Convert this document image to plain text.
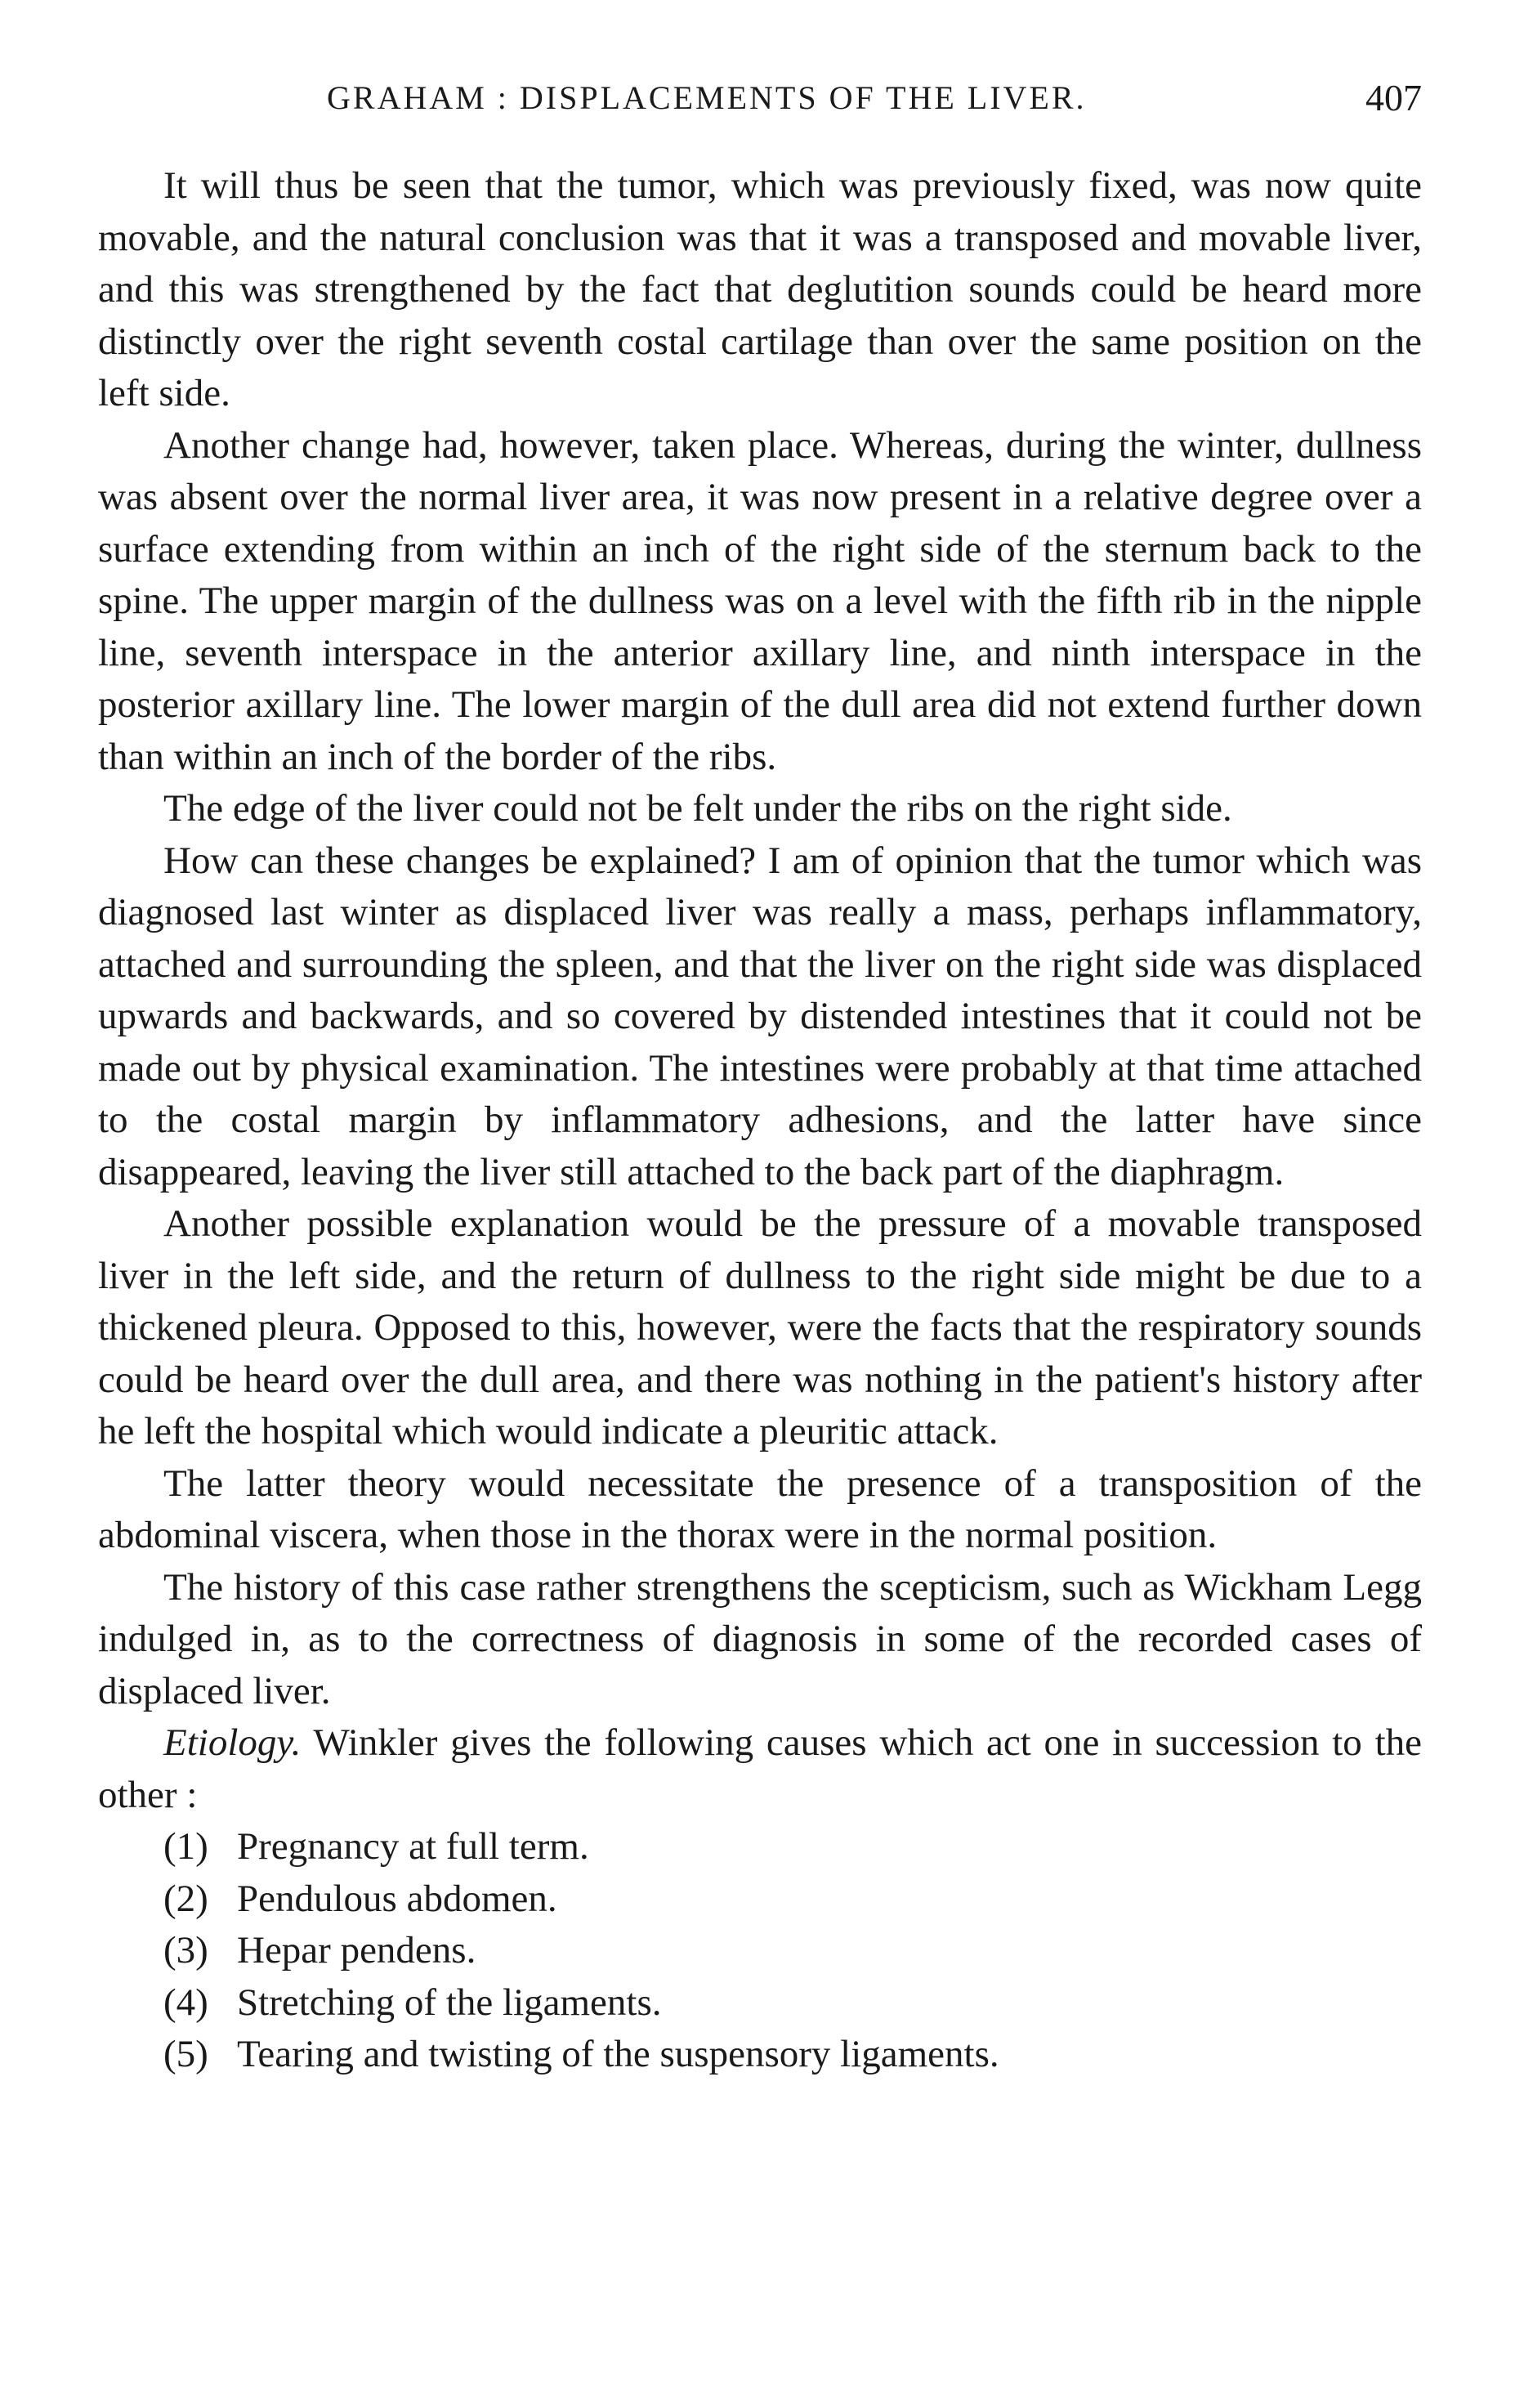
GRAHAM : DISPLACEMENTS OF THE LIVER.	407

It will thus be seen that the tumor, which was previously fixed, was now quite movable, and the natural conclusion was that it was a transposed and movable liver, and this was strengthened by the fact that deglutition sounds could be heard more distinctly over the right seventh costal cartilage than over the same position on the left side.

Another change had, however, taken place. Whereas, during the winter, dullness was absent over the normal liver area, it was now present in a relative degree over a surface extending from within an inch of the right side of the sternum back to the spine. The upper margin of the dullness was on a level with the fifth rib in the nipple line, seventh interspace in the anterior axillary line, and ninth interspace in the posterior axillary line. The lower margin of the dull area did not extend further down than within an inch of the border of the ribs.

The edge of the liver could not be felt under the ribs on the right side.

How can these changes be explained? I am of opinion that the tumor which was diagnosed last winter as displaced liver was really a mass, perhaps inflammatory, attached and surrounding the spleen, and that the liver on the right side was displaced upwards and backwards, and so covered by distended intestines that it could not be made out by physical examination. The intestines were probably at that time attached to the costal margin by inflammatory adhesions, and the latter have since disappeared, leaving the liver still attached to the back part of the diaphragm.

Another possible explanation would be the pressure of a movable transposed liver in the left side, and the return of dullness to the right side might be due to a thickened pleura. Opposed to this, however, were the facts that the respiratory sounds could be heard over the dull area, and there was nothing in the patient's history after he left the hospital which would indicate a pleuritic attack.

The latter theory would necessitate the presence of a transposition of the abdominal viscera, when those in the thorax were in the normal position.

The history of this case rather strengthens the scepticism, such as Wickham Legg indulged in, as to the correctness of diagnosis in some of the recorded cases of displaced liver.

Etiology. Winkler gives the following causes which act one in succession to the other :

(1) Pregnancy at full term.
(2) Pendulous abdomen.
(3) Hepar pendens.
(4) Stretching of the ligaments.
(5) Tearing and twisting of the suspensory ligaments.
